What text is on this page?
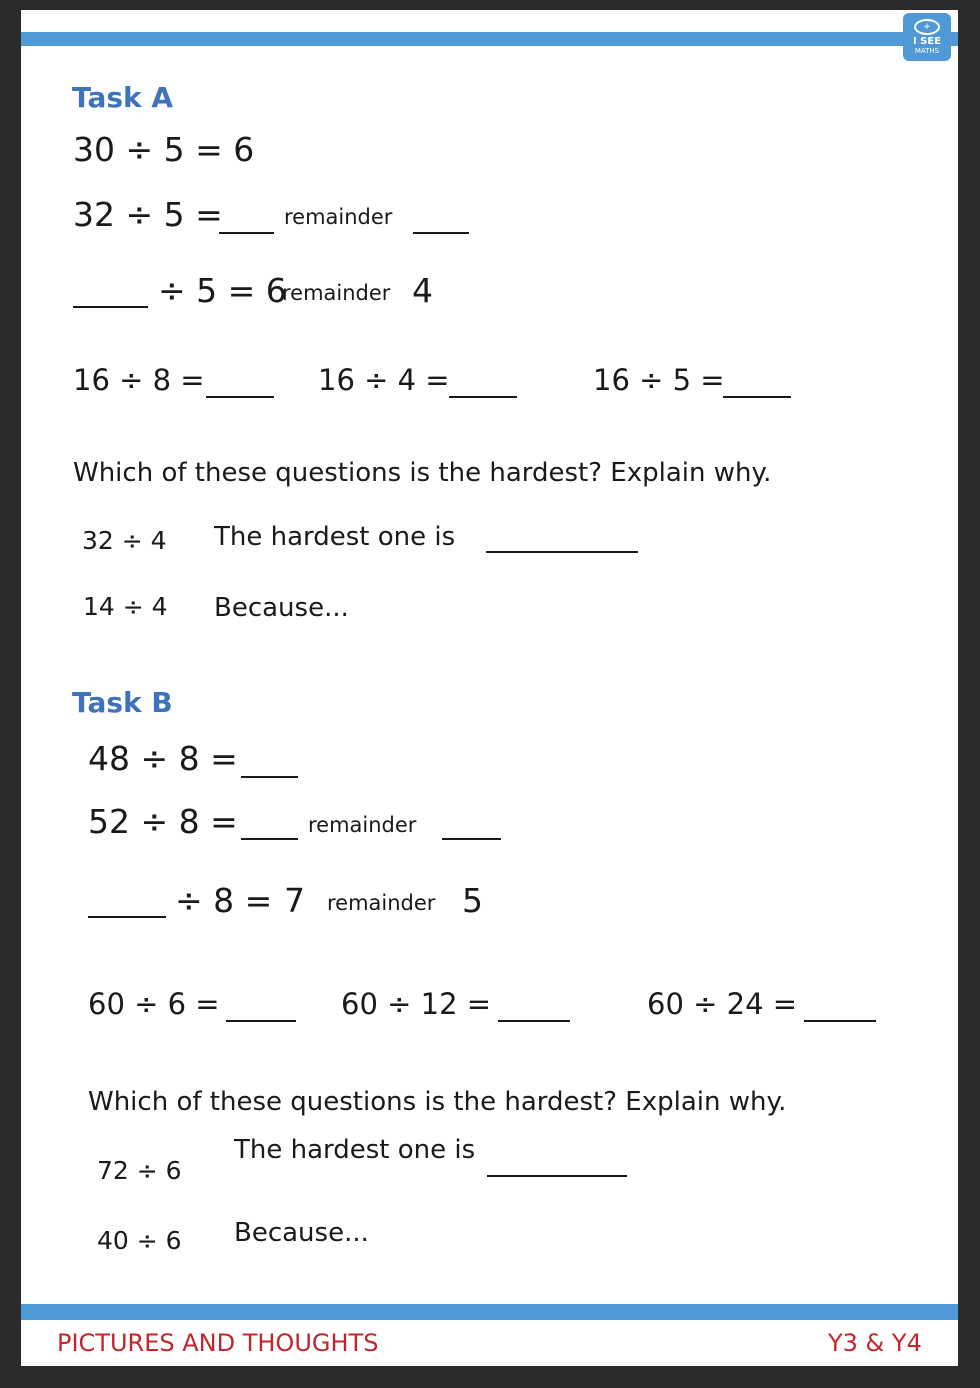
+
I SEE
MATHS
Task A
30 ÷ 5 = 6
32 ÷ 5 =	remainder
÷ 5 = 6
remainder 4
16 ÷ 8 =	16 ÷ 4 =	16 ÷ 5 =
Which of these questions is the hardest? Explain why.
32 ÷ 4 The hardest one is
14 ÷ 4 Because...
Task B
48 ÷ 8 =
52 ÷ 8 =	remainder
÷ 8 = 7 remainder 5
60 ÷ 6 =	60 ÷ 12 =	60 ÷ 24 =
Which of these questions is the hardest? Explain why.
72 ÷ 6
The hardest one is
40 ÷ 6 Because...
PICTURES AND THOUGHTS	Y3 & Y4
